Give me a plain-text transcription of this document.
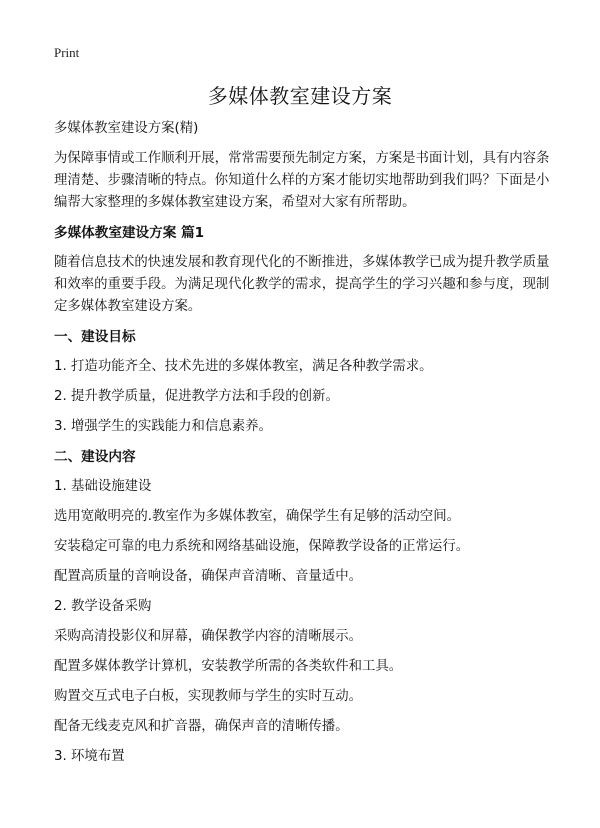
Print
多媒体教室建设方案

多媒体教室建设方案(精)

为保障事情或工作顺利开展，常常需要预先制定方案，方案是书面计划，具有内容条理清楚、步骤清晰的特点。你知道什么样的方案才能切实地帮助到我们吗？下面是小编帮大家整理的多媒体教室建设方案，希望对大家有所帮助。

多媒体教室建设方案 篇1

随着信息技术的快速发展和教育现代化的不断推进，多媒体教学已成为提升教学质量和效率的重要手段。为满足现代化教学的需求，提高学生的学习兴趣和参与度，现制定多媒体教室建设方案。

一、建设目标

1. 打造功能齐全、技术先进的多媒体教室，满足各种教学需求。

2. 提升教学质量，促进教学方法和手段的创新。

3. 增强学生的实践能力和信息素养。

二、建设内容

1. 基础设施建设

选用宽敞明亮的.教室作为多媒体教室，确保学生有足够的活动空间。

安装稳定可靠的电力系统和网络基础设施，保障教学设备的正常运行。

配置高质量的音响设备，确保声音清晰、音量适中。

2. 教学设备采购

采购高清投影仪和屏幕，确保教学内容的清晰展示。

配置多媒体教学计算机，安装教学所需的各类软件和工具。

购置交互式电子白板，实现教师与学生的实时互动。

配备无线麦克风和扩音器，确保声音的清晰传播。

3. 环境布置
